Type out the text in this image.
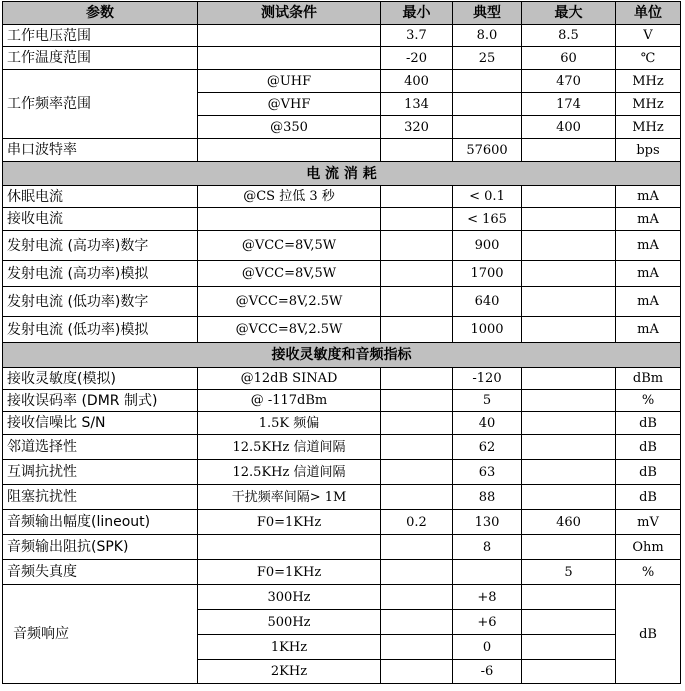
参数	测试条件	最小	典型	最大	单位
工作电压范围		3.7	8.0	8.5	V
工作温度范围		-20	25	60	℃
工作频率范围	@UHF	400		470	MHz
	@VHF	134		174	MHz
	@350	320		400	MHz
串口波特率			57600		bps
电 流 消 耗					
休眠电流	@CS 拉低 3 秒		< 0.1		mA
接收电流			< 165		mA
发射电流 (高功率)数字	@VCC=8V,5W		900		mA
发射电流 (高功率)模拟	@VCC=8V,5W		1700		mA
发射电流 (低功率)数字	@VCC=8V,2.5W		640		mA
发射电流 (低功率)模拟	@VCC=8V,2.5W		1000		mA
接收灵敏度和音频指标					
接收灵敏度(模拟)	@12dB SINAD		-120		dBm
接收误码率 (DMR 制式)	@ -117dBm		5		%
接收信噪比 S/N	1.5K 频偏		40		dB
邻道选择性	12.5KHz 信道间隔		62		dB
互调抗扰性	12.5KHz 信道间隔		63		dB
阻塞抗扰性	干扰频率间隔> 1M		88		dB
音频输出幅度(lineout)	F0=1KHz	0.2	130	460	mV
音频输出阻抗(SPK)			8		Ohm
音频失真度	F0=1KHz			5	%
音频响应	300Hz		+8		dB
	500Hz		+6		
	1KHz		0		
	2KHz		-6		
